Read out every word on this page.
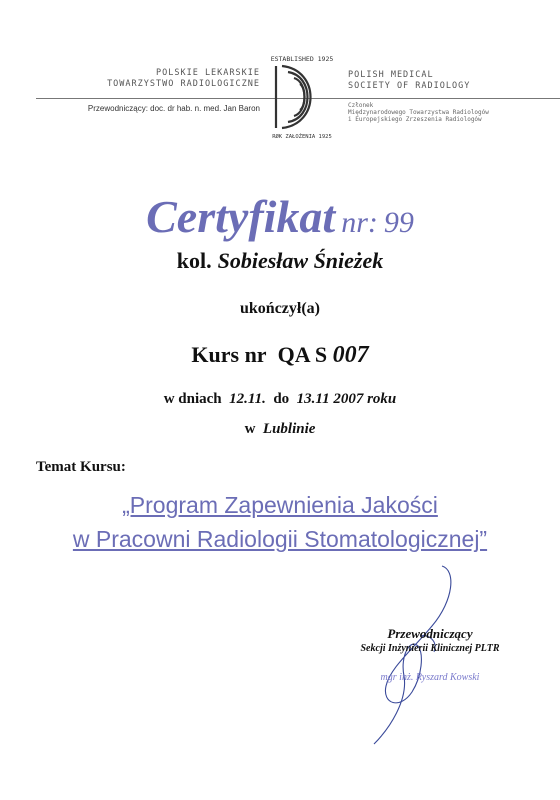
POLSKIE LEKARSKIE
TOWARZYSTWO RADIOLOGICZNE
Przewodniczący: doc. dr hab. n. med. Jan Baron
ESTABLISHED 1925
RØK ZAŁOŻENIA 1925
POLISH MEDICAL
SOCIETY OF RADIOLOGY
Członek
Międzynarodowego Towarzystwa Radiologów
i Europejskiego Zrzeszenia Radiologów
Certyfikat nr: 99
kol. Sobiesław Śnieżek
ukończył(a)
Kurs nr QA S 007
w dniach 12.11. do 13.11 2007 roku
w Lublinie
Temat Kursu:
„Program Zapewnienia Jakości
w Pracowni Radiologii Stomatologicznej”
Przewodniczący
Sekcji Inżynierii Klinicznej PLTR
mgr inż. Ryszard Kowski
